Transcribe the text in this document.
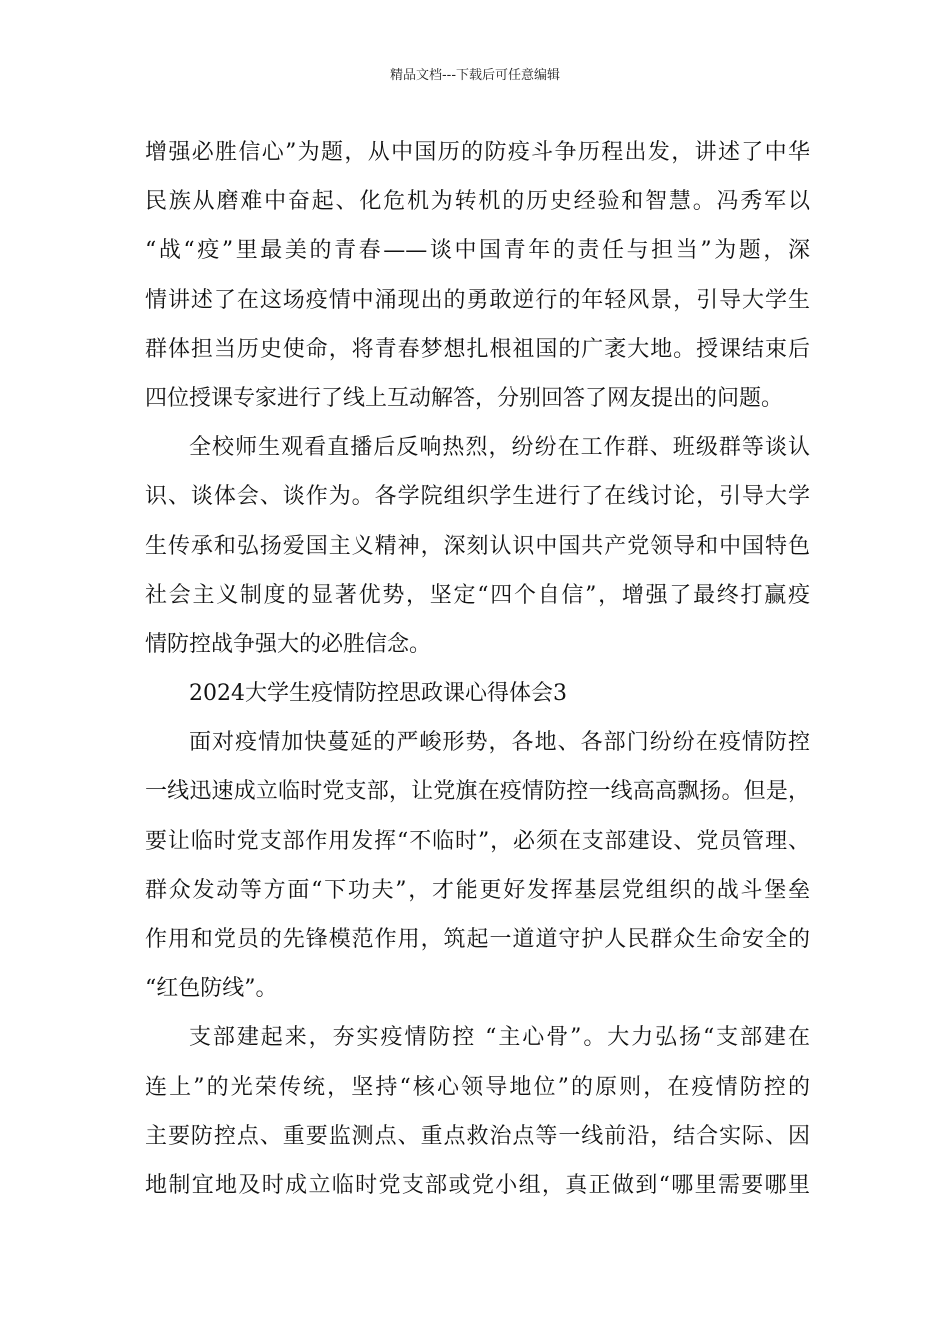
精品文档---下载后可任意编辑

增强必胜信心”为题，从中国历的防疫斗争历程出发，讲述了中华
民族从磨难中奋起、化危机为转机的历史经验和智慧。冯秀军以
“战“疫”里最美的青春——谈中国青年的责任与担当”为题，深
情讲述了在这场疫情中涌现出的勇敢逆行的年轻风景，引导大学生
群体担当历史使命，将青春梦想扎根祖国的广袤大地。授课结束后
四位授课专家进行了线上互动解答，分别回答了网友提出的问题。

全校师生观看直播后反响热烈，纷纷在工作群、班级群等谈认
识、谈体会、谈作为。各学院组织学生进行了在线讨论，引导大学
生传承和弘扬爱国主义精神，深刻认识中国共产党领导和中国特色
社会主义制度的显著优势，坚定“四个自信”，增强了最终打赢疫
情防控战争强大的必胜信念。

2024大学生疫情防控思政课心得体会3

面对疫情加快蔓延的严峻形势，各地、各部门纷纷在疫情防控
一线迅速成立临时党支部，让党旗在疫情防控一线高高飘扬。但是，
要让临时党支部作用发挥“不临时”，必须在支部建设、党员管理、
群众发动等方面“下功夫”，才能更好发挥基层党组织的战斗堡垒
作用和党员的先锋模范作用，筑起一道道守护人民群众生命安全的
“红色防线”。

支部建起来，夯实疫情防控 “主心骨”。大力弘扬“支部建在
连上”的光荣传统，坚持“核心领导地位”的原则，在疫情防控的
主要防控点、重要监测点、重点救治点等一线前沿，结合实际、因
地制宜地及时成立临时党支部或党小组，真正做到“哪里需要哪里
